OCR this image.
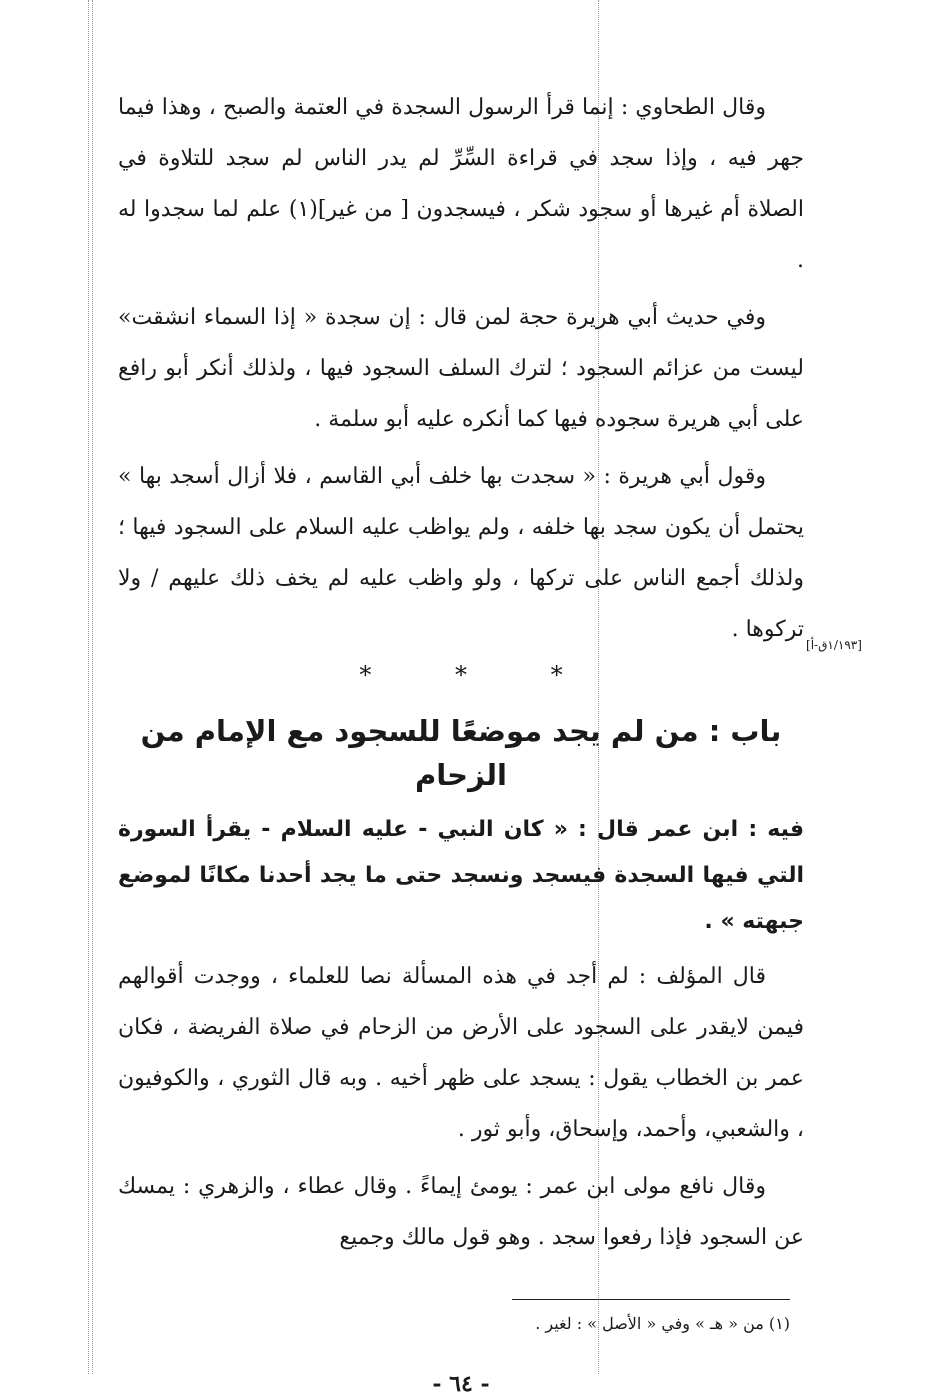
وقال الطحاوي : إنما قرأ الرسول السجدة في العتمة والصبح ، وهذا فيما جهر فيه ، وإذا سجد في قراءة السِّرِّ لم يدر الناس لم سجد للتلاوة في الصلاة أم غيرها أو سجود شكر ، فيسجدون [ من غير](١) علم لما سجدوا له .

وفي حديث أبي هريرة حجة لمن قال : إن سجدة « إذا السماء انشقت» ليست من عزائم السجود ؛ لترك السلف السجود فيها ، ولذلك أنكر أبو رافع على أبي هريرة سجوده فيها كما أنكره عليه أبو سلمة .

وقول أبي هريرة : « سجدت بها خلف أبي القاسم ، فلا أزال أسجد بها » يحتمل أن يكون سجد بها خلفه ، ولم يواظب عليه السلام على السجود فيها ؛ ولذلك أجمع الناس على تركها ، ولو واظب عليه لم يخف ذلك عليهم / ولا تركوها .

*	*	*
باب : من لم يجد موضعًا للسجود مع الإمام من الزحام

فيه : ابن عمر قال : « كان النبي - عليه السلام - يقرأ السورة التي فيها السجدة فيسجد ونسجد حتى ما يجد أحدنا مكانًا لموضع جبهته » .

قال المؤلف : لم أجد في هذه المسألة نصا للعلماء ، ووجدت أقوالهم فيمن لايقدر على السجود على الأرض من الزحام في صلاة الفريضة ، فكان عمر بن الخطاب يقول : يسجد على ظهر أخيه . وبه قال الثوري ، والكوفيون ، والشعبي، وأحمد، وإسحاق، وأبو ثور .

وقال نافع مولى ابن عمر : يومئ إيماءً . وقال عطاء ، والزهري : يمسك عن السجود فإذا رفعوا سجد . وهو قول مالك وجميع

(١) من « هـ » وفي « الأصل » : لغير .
- ٦٤ -
[١/١٩٣ق-أ]
